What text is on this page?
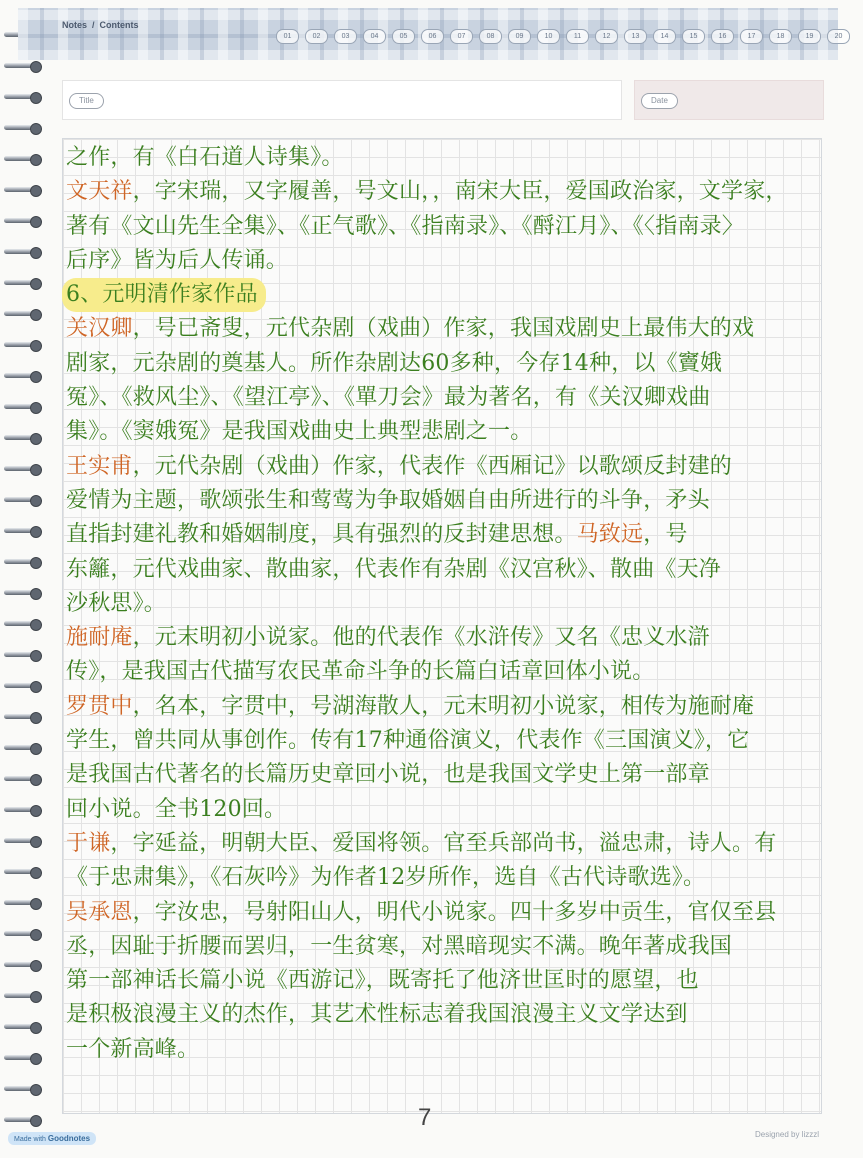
Notes / Contents
01	02	03	04	05	06	07	08	09	10	11	12	13	14	15	16	17	18	19	20
Title	Date
之作，有《白石道人诗集》。
文天祥，字宋瑞，又字履善，号文山，，南宋大臣，爱国政治家，文学家，
著有《文山先生全集》、《正气歌》、《指南录》、《酹江月》、《〈指南录〉
后序》皆为后人传诵。
6、元明清作家作品
关汉卿，号已斋叟，元代杂剧（戏曲）作家，我国戏剧史上最伟大的戏
剧家，元杂剧的奠基人。所作杂剧达60多种，今存14种，以《竇娥
冤》、《救风尘》、《望江亭》、《單刀会》最为著名，有《关汉卿戏曲
集》。《窦娥冤》是我国戏曲史上典型悲剧之一。
王实甫，元代杂剧（戏曲）作家，代表作《西厢记》以歌颂反封建的
爱情为主题，歌颂张生和莺莺为争取婚姻自由所进行的斗争，矛头
直指封建礼教和婚姻制度，具有强烈的反封建思想。马致远，号
东籬，元代戏曲家、散曲家，代表作有杂剧《汉宫秋》、散曲《天净
沙秋思》。
施耐庵，元末明初小说家。他的代表作《水浒传》又名《忠义水滸
传》，是我国古代描写农民革命斗争的长篇白话章回体小说。
罗贯中，名本，字贯中，号湖海散人，元末明初小说家，相传为施耐庵
学生，曾共同从事创作。传有17种通俗演义，代表作《三国演义》，它
是我国古代著名的长篇历史章回小说，也是我国文学史上第一部章
回小说。全书120回。
于谦，字延益，明朝大臣、爱国将领。官至兵部尚书，溢忠肃，诗人。有
《于忠肃集》，《石灰吟》为作者12岁所作，选自《古代诗歌选》。
吴承恩，字汝忠，号射阳山人，明代小说家。四十多岁中贡生，官仅至县
丞，因耻于折腰而罢归，一生贫寒，对黑暗现实不满。晚年著成我国
第一部神话长篇小说《西游记》，既寄托了他济世匡时的愿望，也
是积极浪漫主义的杰作，其艺术性标志着我国浪漫主义文学达到
一个新高峰。
7
Made with Goodnotes	Designed by lizzzl
